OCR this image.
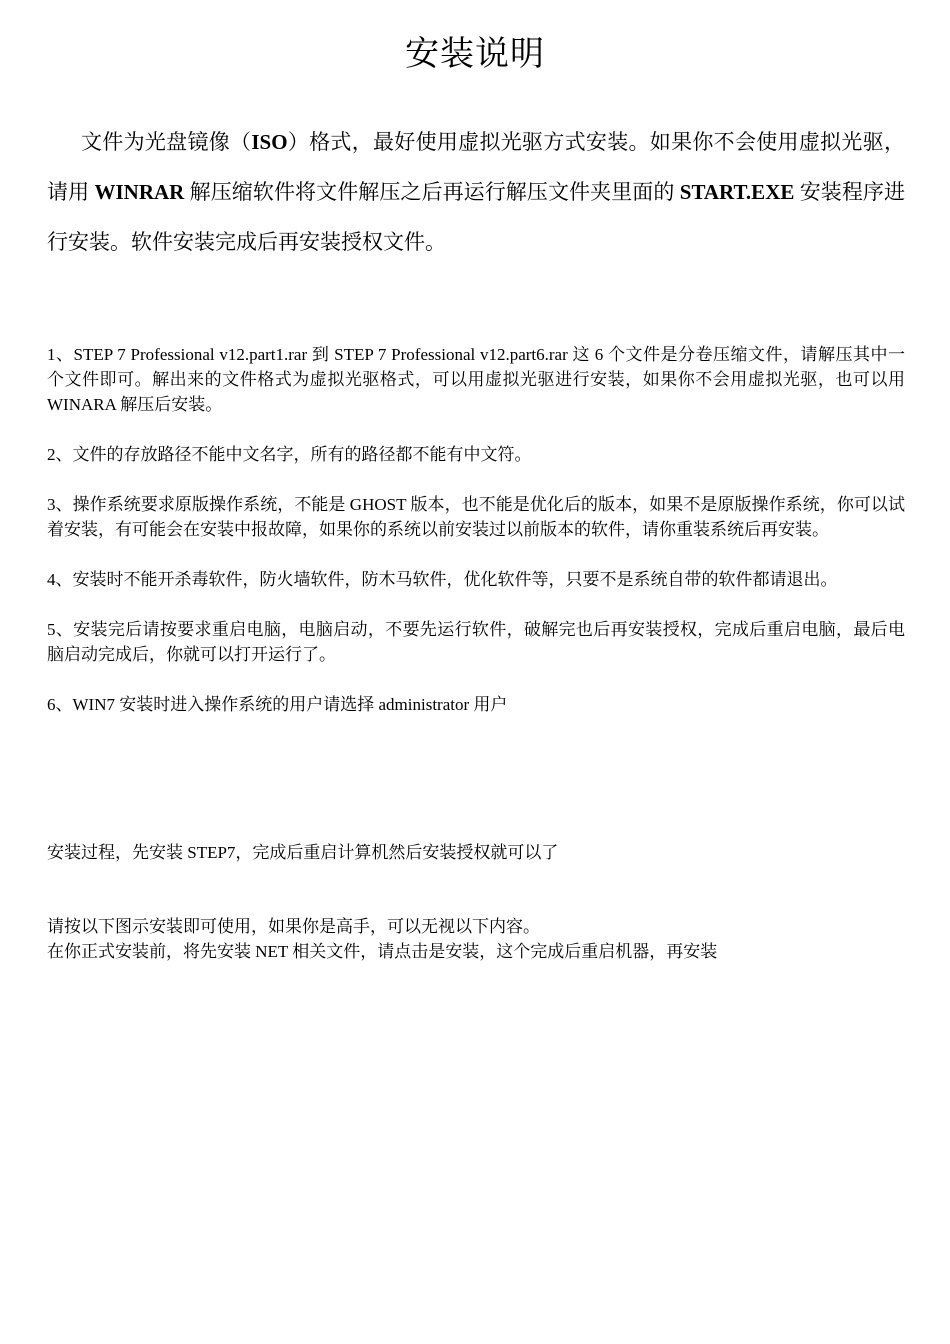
安装说明

文件为光盘镜像（ISO）格式，最好使用虚拟光驱方式安装。如果你不会使用虚拟光驱，请用 WINRAR 解压缩软件将文件解压之后再运行解压文件夹里面的 START.EXE 安装程序进行安装。软件安装完成后再安装授权文件。

1、STEP 7 Professional v12.part1.rar 到 STEP 7 Professional v12.part6.rar 这 6 个文件是分卷压缩文件，请解压其中一个文件即可。解出来的文件格式为虚拟光驱格式，可以用虚拟光驱进行安装，如果你不会用虚拟光驱，也可以用 WINARA 解压后安装。
2、文件的存放路径不能中文名字，所有的路径都不能有中文符。
3、操作系统要求原版操作系统，不能是 GHOST 版本，也不能是优化后的版本，如果不是原版操作系统，你可以试着安装，有可能会在安装中报故障，如果你的系统以前安装过以前版本的软件，请你重装系统后再安装。
4、安装时不能开杀毒软件，防火墙软件，防木马软件，优化软件等，只要不是系统自带的软件都请退出。
5、安装完后请按要求重启电脑，电脑启动，不要先运行软件，破解完也后再安装授权，完成后重启电脑，最后电脑启动完成后，你就可以打开运行了。
6、WIN7 安装时进入操作系统的用户请选择 administrator 用户

安装过程，先安装 STEP7，完成后重启计算机然后安装授权就可以了

请按以下图示安装即可使用，如果你是高手，可以无视以下内容。

在你正式安装前，将先安装 NET 相关文件，请点击是安装，这个完成后重启机器，再安装
